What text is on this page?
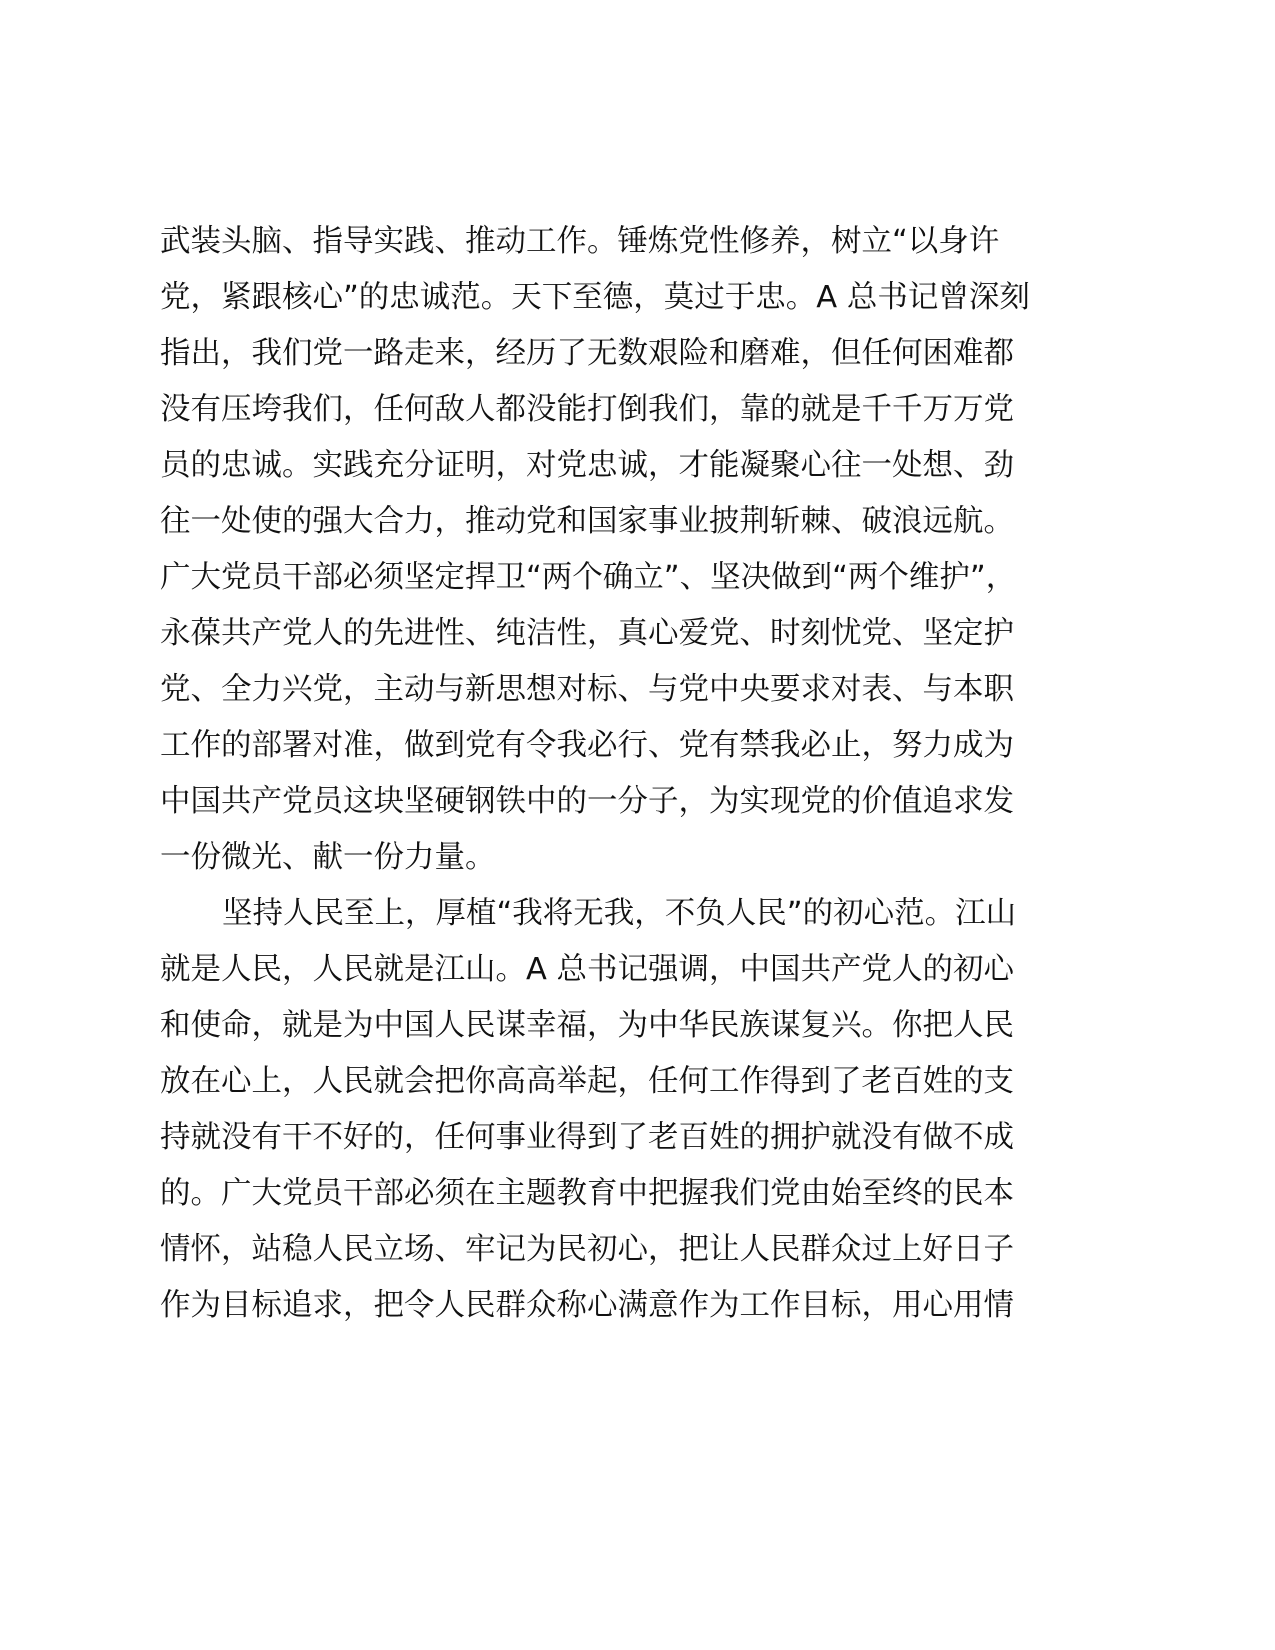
武装头脑、指导实践、推动工作。锤炼党性修养，树立“以身许
党，紧跟核心”的忠诚范。天下至德，莫过于忠。A 总书记曾深刻
指出，我们党一路走来，经历了无数艰险和磨难，但任何困难都
没有压垮我们，任何敌人都没能打倒我们，靠的就是千千万万党
员的忠诚。实践充分证明，对党忠诚，才能凝聚心往一处想、劲
往一处使的强大合力，推动党和国家事业披荆斩棘、破浪远航。
广大党员干部必须坚定捍卫“两个确立”、坚决做到“两个维护”，
永葆共产党人的先进性、纯洁性，真心爱党、时刻忧党、坚定护
党、全力兴党，主动与新思想对标、与党中央要求对表、与本职
工作的部署对准，做到党有令我必行、党有禁我必止，努力成为
中国共产党员这块坚硬钢铁中的一分子，为实现党的价值追求发
一份微光、献一份力量。
坚持人民至上，厚植“我将无我，不负人民”的初心范。江山
就是人民，人民就是江山。A 总书记强调，中国共产党人的初心
和使命，就是为中国人民谋幸福，为中华民族谋复兴。你把人民
放在心上，人民就会把你高高举起，任何工作得到了老百姓的支
持就没有干不好的，任何事业得到了老百姓的拥护就没有做不成
的。广大党员干部必须在主题教育中把握我们党由始至终的民本
情怀，站稳人民立场、牢记为民初心，把让人民群众过上好日子
作为目标追求，把令人民群众称心满意作为工作目标，用心用情
